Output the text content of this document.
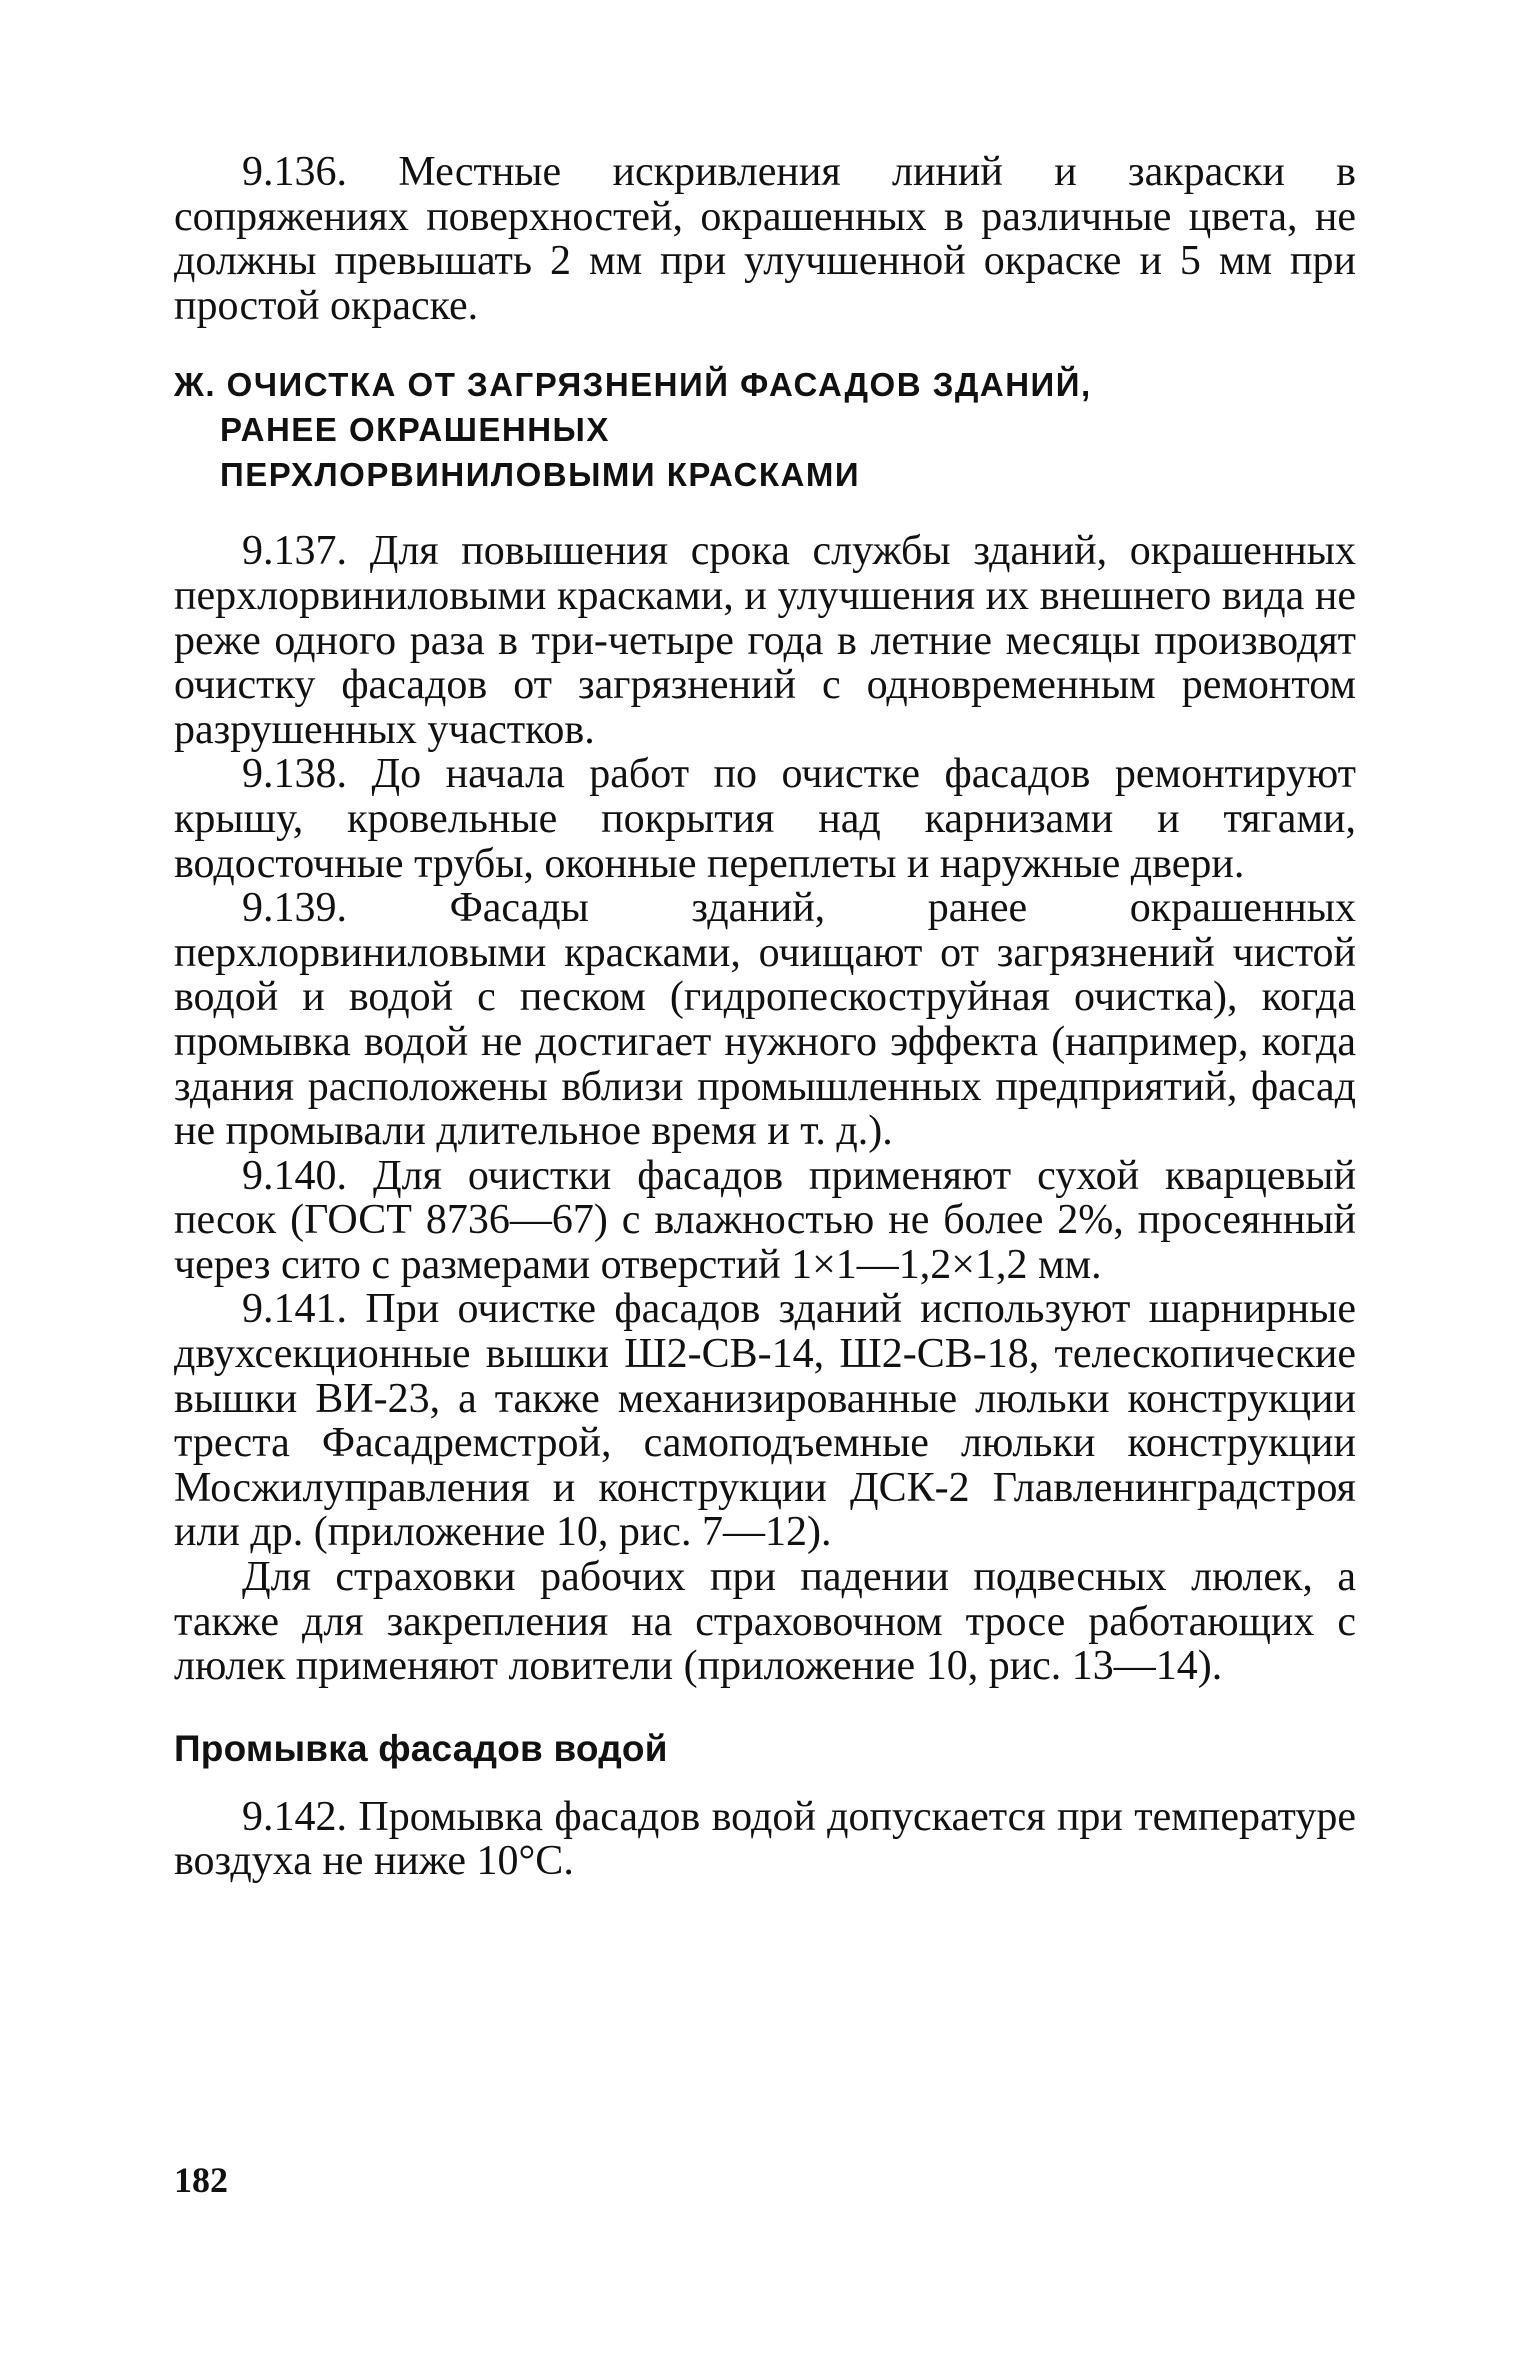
9.136. Местные искривления линий и закраски в сопряжениях поверхностей, окрашенных в различные цвета, не должны превышать 2 мм при улучшенной окраске и 5 мм при простой окраске.

Ж. ОЧИСТКА ОТ ЗАГРЯЗНЕНИЙ ФАСАДОВ ЗДАНИЙ,
РАНЕЕ ОКРАШЕННЫХ
ПЕРХЛОРВИНИЛОВЫМИ КРАСКАМИ

9.137. Для повышения срока службы зданий, окрашенных перхлорвиниловыми красками, и улучшения их внешнего вида не реже одного раза в три-четыре года в летние месяцы производят очистку фасадов от загрязнений с одновременным ремонтом разрушенных участков.

9.138. До начала работ по очистке фасадов ремонтируют крышу, кровельные покрытия над карнизами и тягами, водосточные трубы, оконные переплеты и наружные двери.

9.139. Фасады зданий, ранее окрашенных перхлорвиниловыми красками, очищают от загрязнений чистой водой и водой с песком (гидропескоструйная очистка), когда промывка водой не достигает нужного эффекта (например, когда здания расположены вблизи промышленных предприятий, фасад не промывали длительное время и т. д.).

9.140. Для очистки фасадов применяют сухой кварцевый песок (ГОСТ 8736—67) с влажностью не более 2%, просеянный через сито с размерами отверстий 1×1—1,2×1,2 мм.

9.141. При очистке фасадов зданий используют шарнирные двухсекционные вышки Ш2-СВ-14, Ш2-СВ-18, телескопические вышки ВИ-23, а также механизированные люльки конструкции треста Фасадремстрой, самоподъемные люльки конструкции Мосжилуправления и конструкции ДСК-2 Главленинградстроя или др. (приложение 10, рис. 7—12).

Для страховки рабочих при падении подвесных люлек, а также для закрепления на страховочном тросе работающих с люлек применяют ловители (приложение 10, рис. 13—14).

Промывка фасадов водой

9.142. Промывка фасадов водой допускается при температуре воздуха не ниже 10°С.

182
